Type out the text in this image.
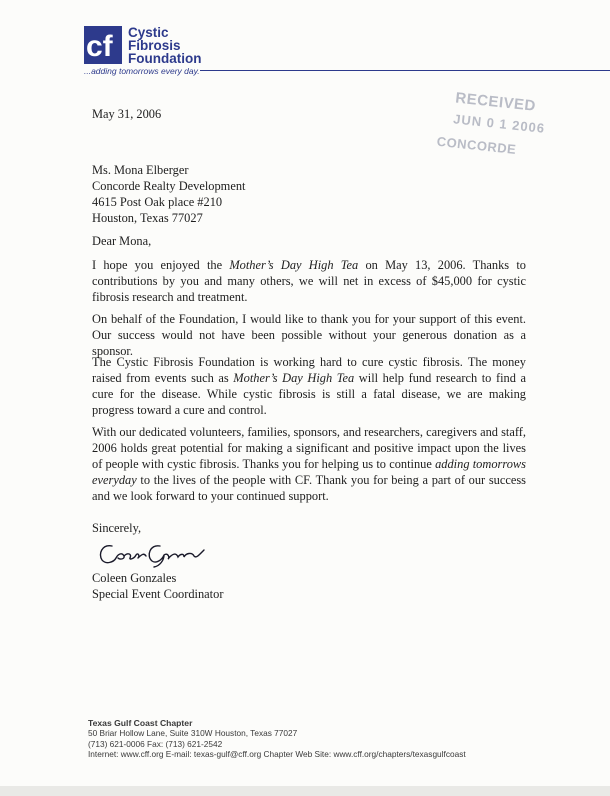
cf Cystic
Fibrosis
Foundation
...adding tomorrows every day.
RECEIVED
JUN 0 1 2006
CONCORDE
May 31, 2006
Ms. Mona Elberger
Concorde Realty Development
4615 Post Oak place #210
Houston, Texas 77027
Dear Mona,
I hope you enjoyed the Mother’s Day High Tea on May 13, 2006. Thanks to contributions by you and many others, we will net in excess of $45,000 for cystic fibrosis research and treatment.
On behalf of the Foundation, I would like to thank you for your support of this event. Our success would not have been possible without your generous donation as a sponsor.
The Cystic Fibrosis Foundation is working hard to cure cystic fibrosis. The money raised from events such as Mother’s Day High Tea will help fund research to find a cure for the disease. While cystic fibrosis is still a fatal disease, we are making progress toward a cure and control.
With our dedicated volunteers, families, sponsors, and researchers, caregivers and staff, 2006 holds great potential for making a significant and positive impact upon the lives of people with cystic fibrosis. Thanks you for helping us to continue adding tomorrows everyday to the lives of the people with CF. Thank you for being a part of our success and we look forward to your continued support.
Sincerely,
Coleen Gonzales
Special Event Coordinator
Texas Gulf Coast Chapter
50 Briar Hollow Lane, Suite 310W Houston, Texas 77027
(713) 621-0006 Fax: (713) 621-2542
Internet: www.cff.org E-mail: texas-gulf@cff.org Chapter Web Site: www.cff.org/chapters/texasgulfcoast
